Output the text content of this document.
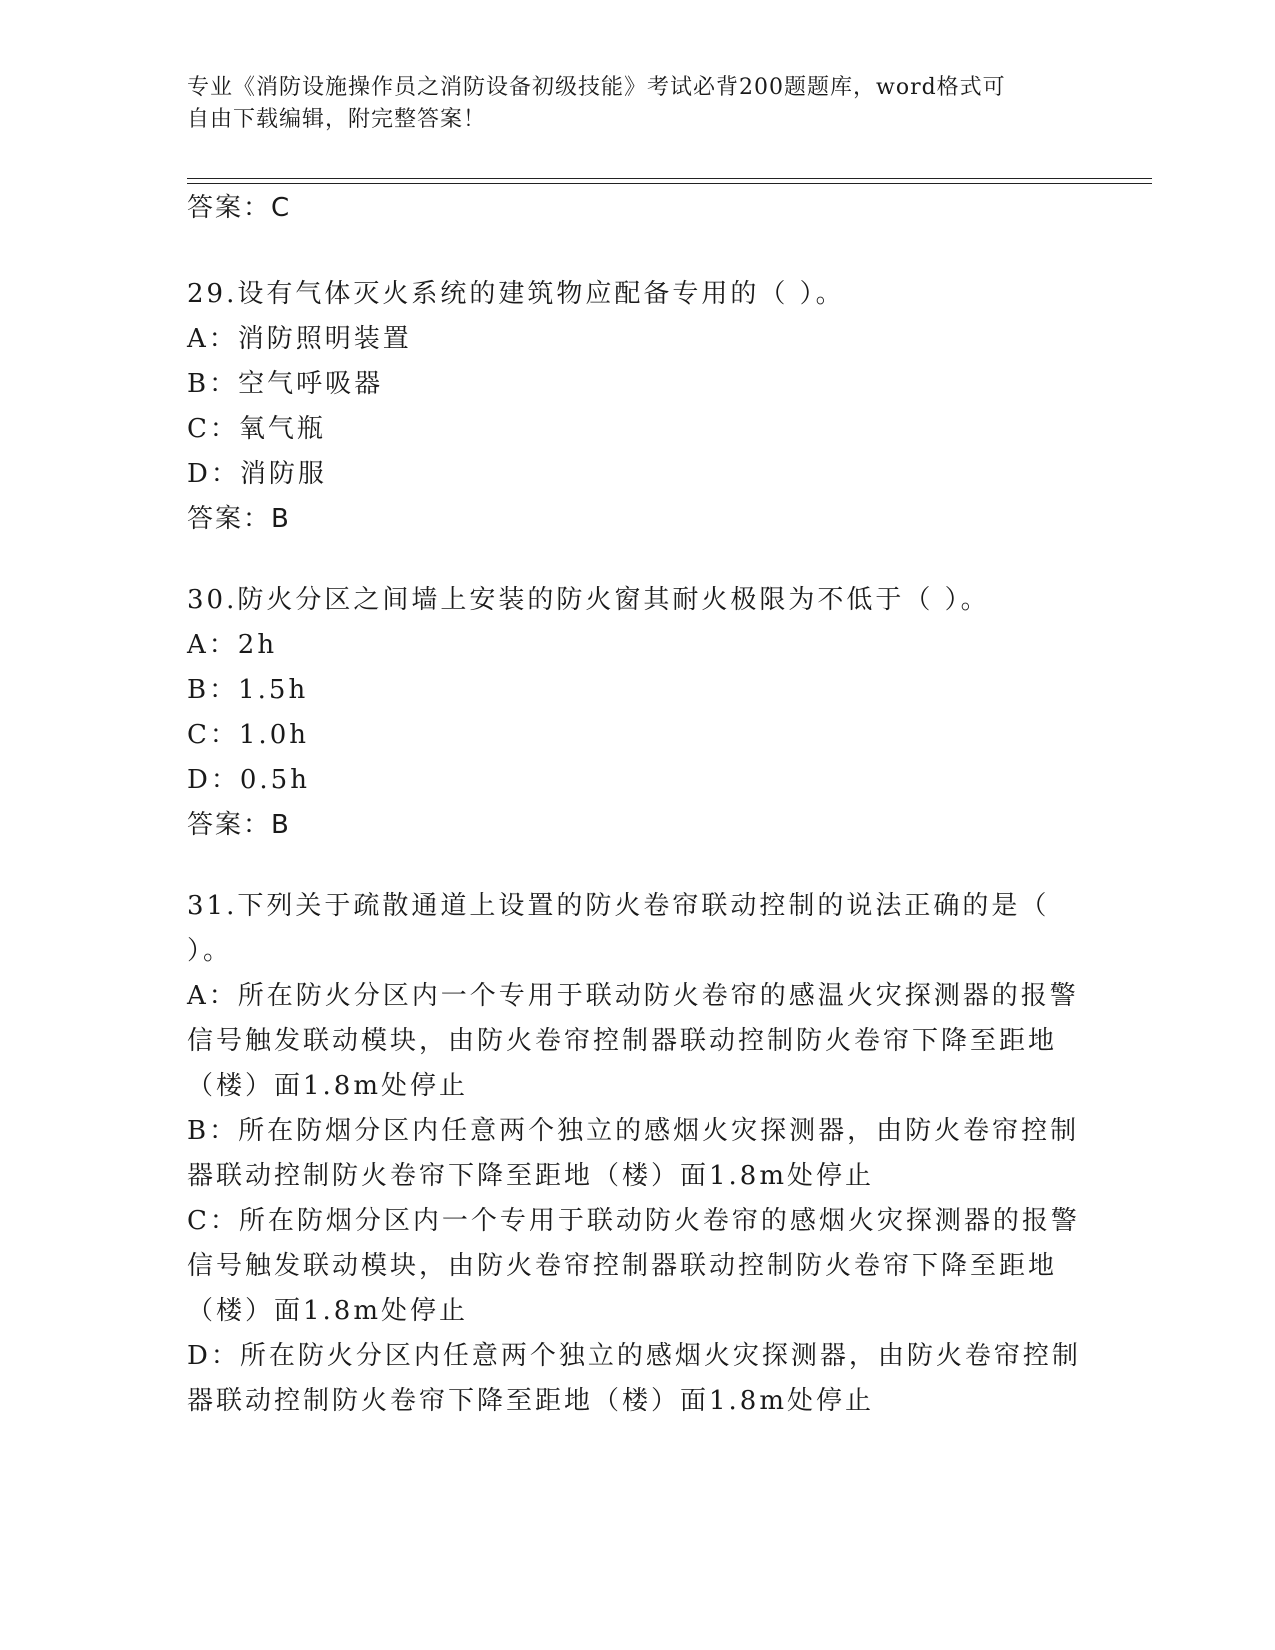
专业《消防设施操作员之消防设备初级技能》考试必背200题题库，word格式可
自由下载编辑，附完整答案！
答案：C
29.设有气体灭火系统的建筑物应配备专用的（ ）。
A：消防照明装置
B：空气呼吸器
C：氧气瓶
D：消防服
答案：B
30.防火分区之间墙上安装的防火窗其耐火极限为不低于（ ）。
A：2h
B：1.5h
C：1.0h
D：0.5h
答案：B
31.下列关于疏散通道上设置的防火卷帘联动控制的说法正确的是（
）。
A：所在防火分区内一个专用于联动防火卷帘的感温火灾探测器的报警
信号触发联动模块，由防火卷帘控制器联动控制防火卷帘下降至距地
（楼）面1.8m处停止
B：所在防烟分区内任意两个独立的感烟火灾探测器，由防火卷帘控制
器联动控制防火卷帘下降至距地（楼）面1.8m处停止
C：所在防烟分区内一个专用于联动防火卷帘的感烟火灾探测器的报警
信号触发联动模块，由防火卷帘控制器联动控制防火卷帘下降至距地
（楼）面1.8m处停止
D：所在防火分区内任意两个独立的感烟火灾探测器，由防火卷帘控制
器联动控制防火卷帘下降至距地（楼）面1.8m处停止
